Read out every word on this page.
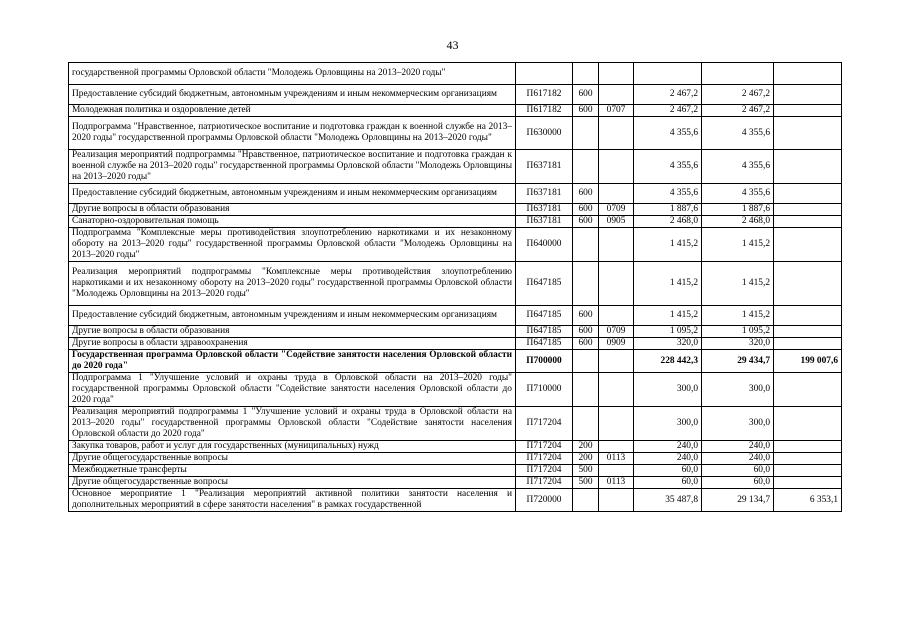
43
государственной программы Орловской области "Молодежь Орловщины на 2013–2020 годы"						
Предоставление субсидий бюджетным, автономным учреждениям и иным некоммерческим организациям	П617182	600		2 467,2	2 467,2	
Молодежная политика и оздоровление детей	П617182	600	0707	2 467,2	2 467,2	
Подпрограмма "Нравственное, патриотическое воспитание и подготовка граждан к военной службе на 2013–2020 годы" государственной программы Орловской области "Молодежь Орловщины на 2013–2020 годы"	П630000			4 355,6	4 355,6	
Реализация мероприятий подпрограммы "Нравственное, патриотическое воспитание и подготовка граждан к военной службе на 2013–2020 годы" государственной программы Орловской области "Молодежь Орловщины на 2013–2020 годы"	П637181			4 355,6	4 355,6	
Предоставление субсидий бюджетным, автономным учреждениям и иным некоммерческим организациям	П637181	600		4 355,6	4 355,6	
Другие вопросы в области образования	П637181	600	0709	1 887,6	1 887,6	
Санаторно-оздоровительная помощь	П637181	600	0905	2 468,0	2 468,0	
Подпрограмма "Комплексные меры противодействия злоупотреблению наркотиками и их незаконному обороту на 2013–2020 годы" государственной программы Орловской области "Молодежь Орловщины на 2013–2020 годы"	П640000			1 415,2	1 415,2	
Реализация мероприятий подпрограммы "Комплексные меры противодействия злоупотреблению наркотиками и их незаконному обороту на 2013–2020 годы" государственной программы Орловской области "Молодежь Орловщины на 2013–2020 годы"	П647185			1 415,2	1 415,2	
Предоставление субсидий бюджетным, автономным учреждениям и иным некоммерческим организациям	П647185	600		1 415,2	1 415,2	
Другие вопросы в области образования	П647185	600	0709	1 095,2	1 095,2	
Другие вопросы в области здравоохранения	П647185	600	0909	320,0	320,0	
Государственная программа Орловской области "Содействие занятости населения Орловской области до 2020 года"	П700000			228 442,3	29 434,7	199 007,6
Подпрограмма 1 "Улучшение условий и охраны труда в Орловской области на 2013–2020 годы" государственной программы Орловской области "Содействие занятости населения Орловской области до 2020 года"	П710000			300,0	300,0	
Реализация мероприятий подпрограммы 1 "Улучшение условий и охраны труда в Орловской области на 2013–2020 годы" государственной программы Орловской области "Содействие занятости населения Орловской области до 2020 года"	П717204			300,0	300,0	
Закупка товаров, работ и услуг для государственных (муниципальных) нужд	П717204	200		240,0	240,0	
Другие общегосударственные вопросы	П717204	200	0113	240,0	240,0	
Межбюджетные трансферты	П717204	500		60,0	60,0	
Другие общегосударственные вопросы	П717204	500	0113	60,0	60,0	
Основное мероприятие 1 "Реализация мероприятий активной политики занятости населения и дополнительных мероприятий в сфере занятости населения" в рамках государственной	П720000			35 487,8	29 134,7	6 353,1
